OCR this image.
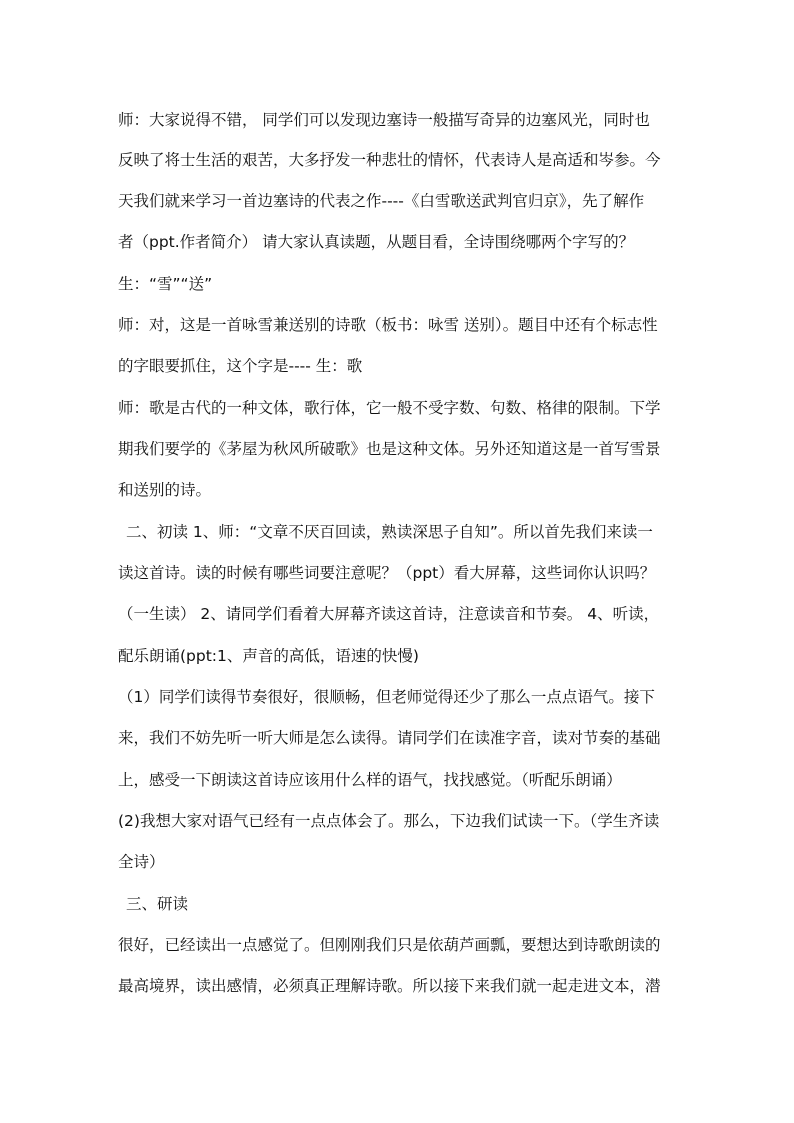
师：大家说得不错， 同学们可以发现边塞诗一般描写奇异的边塞风光，同时也
反映了将士生活的艰苦，大多抒发一种悲壮的情怀，代表诗人是高适和岑参。今
天我们就来学习一首边塞诗的代表之作----《白雪歌送武判官归京》，先了解作
者（ppt.作者简介） 请大家认真读题，从题目看，全诗围绕哪两个字写的？
生：“雪”“送”
师：对，这是一首咏雪兼送别的诗歌（板书：咏雪 送别）。题目中还有个标志性
的字眼要抓住，这个字是---- 生：歌
师：歌是古代的一种文体，歌行体，它一般不受字数、句数、格律的限制。下学
期我们要学的《茅屋为秋风所破歌》也是这种文体。另外还知道这是一首写雪景
和送别的诗。
二、初读 1、师：“文章不厌百回读，熟读深思子自知”。所以首先我们来读一
读这首诗。读的时候有哪些词要注意呢？（ppt）看大屏幕，这些词你认识吗？
（一生读） 2、请同学们看着大屏幕齐读这首诗，注意读音和节奏。 4、听读，
配乐朗诵(ppt:1、声音的高低，语速的快慢)
（1）同学们读得节奏很好，很顺畅，但老师觉得还少了那么一点点语气。接下
来，我们不妨先听一听大师是怎么读得。请同学们在读准字音，读对节奏的基础
上，感受一下朗读这首诗应该用什么样的语气，找找感觉。（听配乐朗诵）
(2)我想大家对语气已经有一点点体会了。那么，下边我们试读一下。（学生齐读
全诗）
三、研读
很好，已经读出一点感觉了。但刚刚我们只是依葫芦画瓢，要想达到诗歌朗读的
最高境界，读出感情，必须真正理解诗歌。所以接下来我们就一起走进文本，潜
